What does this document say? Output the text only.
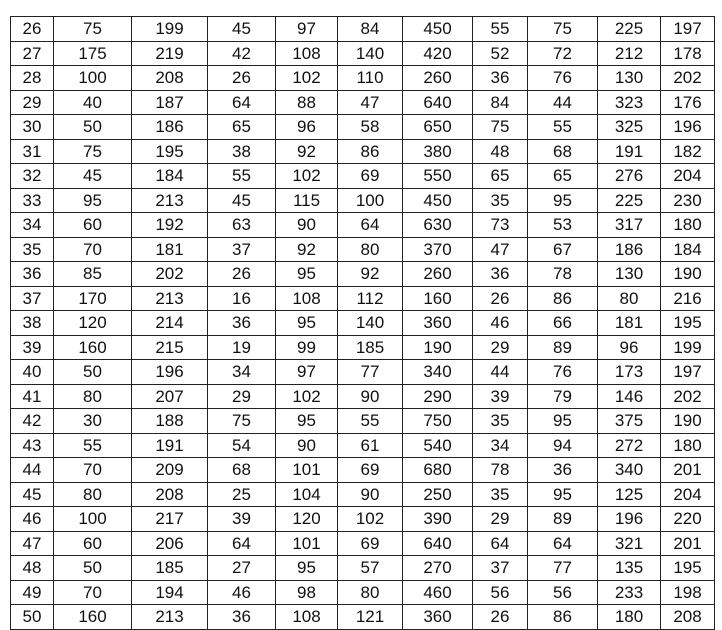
26	75	199	45	97	84	450	55	75	225	197
27	175	219	42	108	140	420	52	72	212	178
28	100	208	26	102	110	260	36	76	130	202
29	40	187	64	88	47	640	84	44	323	176
30	50	186	65	96	58	650	75	55	325	196
31	75	195	38	92	86	380	48	68	191	182
32	45	184	55	102	69	550	65	65	276	204
33	95	213	45	115	100	450	35	95	225	230
34	60	192	63	90	64	630	73	53	317	180
35	70	181	37	92	80	370	47	67	186	184
36	85	202	26	95	92	260	36	78	130	190
37	170	213	16	108	112	160	26	86	80	216
38	120	214	36	95	140	360	46	66	181	195
39	160	215	19	99	185	190	29	89	96	199
40	50	196	34	97	77	340	44	76	173	197
41	80	207	29	102	90	290	39	79	146	202
42	30	188	75	95	55	750	35	95	375	190
43	55	191	54	90	61	540	34	94	272	180
44	70	209	68	101	69	680	78	36	340	201
45	80	208	25	104	90	250	35	95	125	204
46	100	217	39	120	102	390	29	89	196	220
47	60	206	64	101	69	640	64	64	321	201
48	50	185	27	95	57	270	37	77	135	195
49	70	194	46	98	80	460	56	56	233	198
50	160	213	36	108	121	360	26	86	180	208
